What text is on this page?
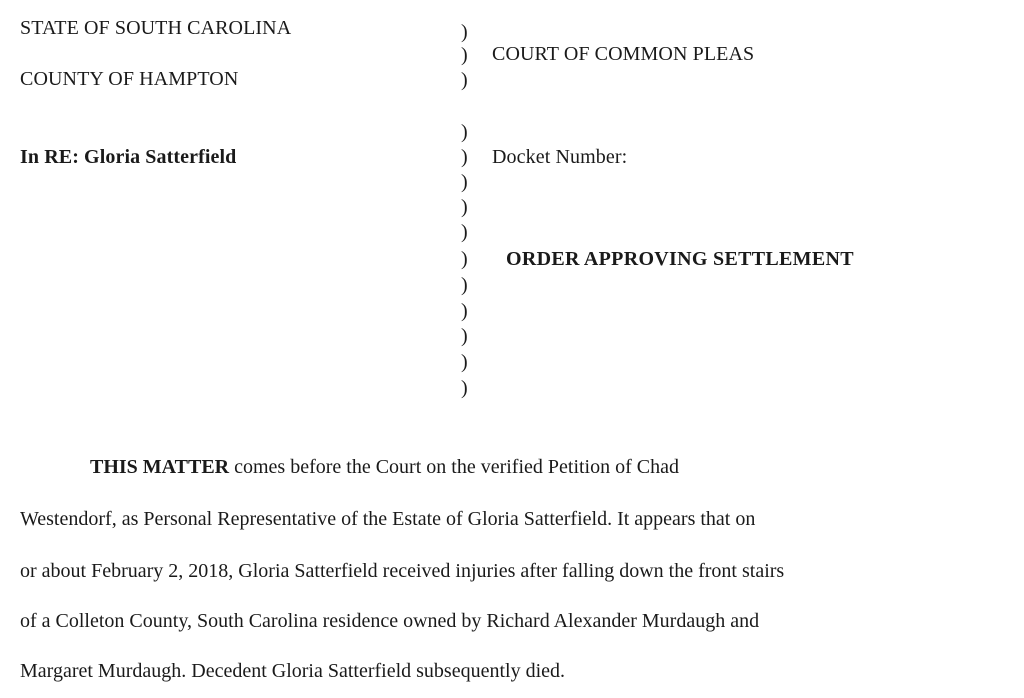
STATE OF SOUTH CAROLINA
COUNTY OF HAMPTON
In RE: Gloria Satterfield
)
)
)
)
)
)
)
)
)
)
)
)
)
)
COURT OF COMMON PLEAS
Docket Number:
ORDER APPROVING SETTLEMENT
THIS MATTER comes before the Court on the verified Petition of Chad
Westendorf, as Personal Representative of the Estate of Gloria Satterfield. It appears that on
or about February 2, 2018, Gloria Satterfield received injuries after falling down the front stairs
of a Colleton County, South Carolina residence owned by Richard Alexander Murdaugh and
Margaret Murdaugh. Decedent Gloria Satterfield subsequently died.
